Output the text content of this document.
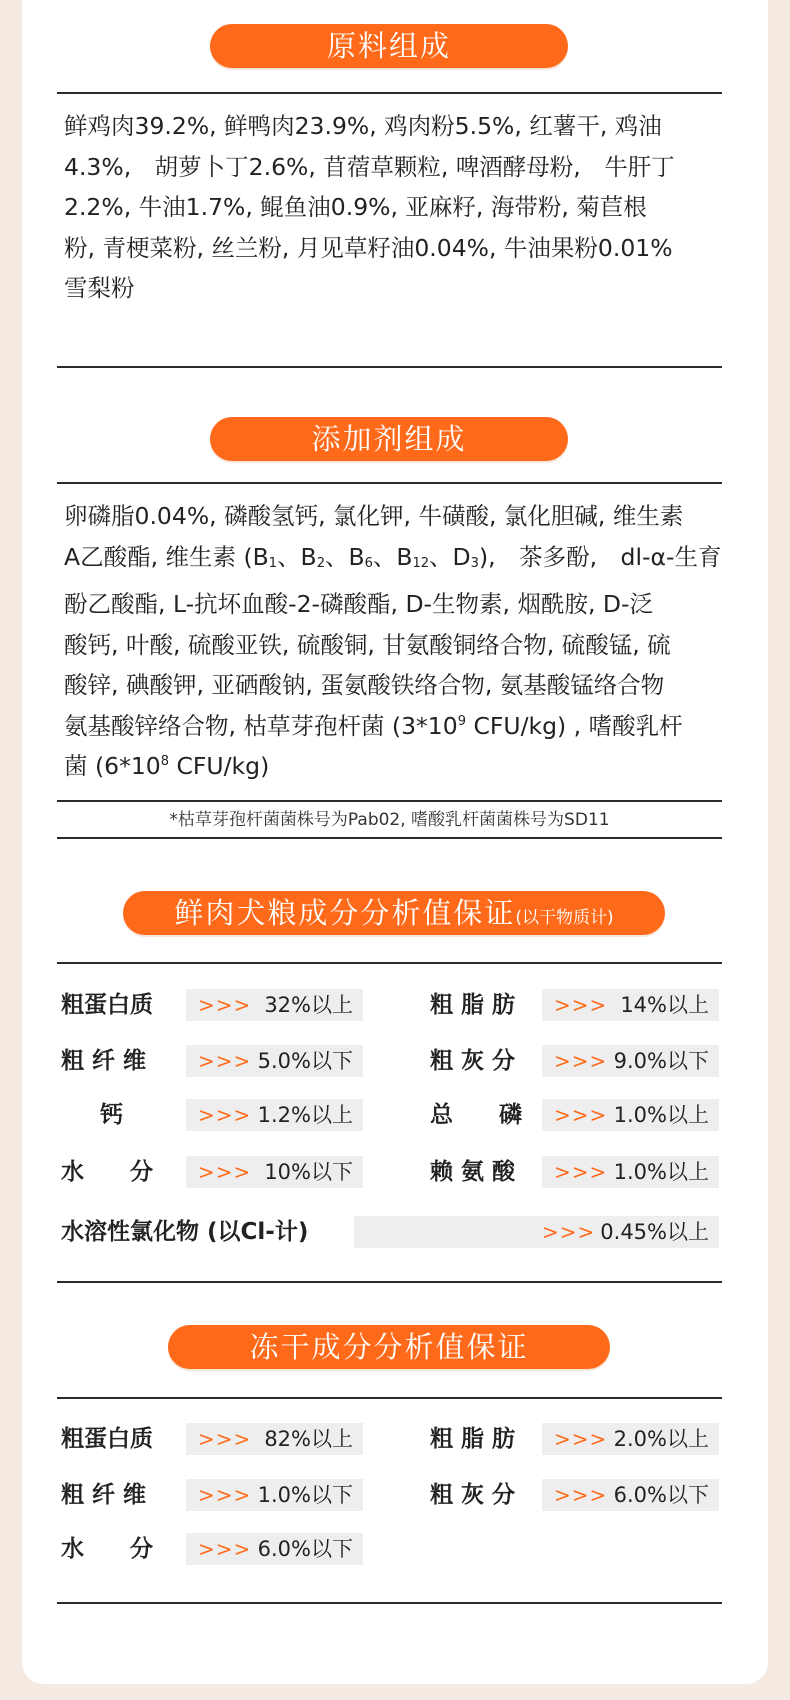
原料组成

鲜鸡肉39.2%, 鲜鸭肉23.9%, 鸡肉粉5.5%, 红薯干, 鸡油

4.3%,　胡萝卜丁2.6%, 苜蓿草颗粒, 啤酒酵母粉,　牛肝丁

2.2%, 牛油1.7%, 鲲鱼油0.9%, 亚麻籽, 海带粉, 菊苣根

粉, 青梗菜粉, 丝兰粉, 月见草籽油0.04%, 牛油果粉0.01%

雪梨粉

添加剂组成

卵磷脂0.04%, 磷酸氢钙, 氯化钾, 牛磺酸, 氯化胆碱, 维生素

A乙酸酯, 维生素 ($B_1$、$B_2$、$B_6$、$B_{12}$、$D_3$),　茶多酚,　dl-α-生育

酚乙酸酯, L-抗坏血酸-2-磷酸酯, D-生物素, 烟酰胺, D-泛

酸钙, 叶酸, 硫酸亚铁, 硫酸铜, 甘氨酸铜络合物, 硫酸锰, 硫

酸锌, 碘酸钾, 亚硒酸钠, 蛋氨酸铁络合物, 氨基酸锰络合物

氨基酸锌络合物, 枯草芽孢杆菌 ($3*10^9$ CFU/kg) , 嗜酸乳杆

菌 ($6*10^8$ CFU/kg)

*枯草芽孢杆菌菌株号为Pab02, 嗜酸乳杆菌菌株号为SD11
鲜肉犬粮成分分析值保证(以干物质计)
粗蛋白质 >>> 32%以上	粗 脂 肪 >>> 14%以上
粗 纤 维	>>> 5.0%以下	粗 灰 分 >>> 9.0%以下
钙	>>> 1.2%以上	总　　磷 >>> 1.0%以上
水　　分 >>> 10%以下	赖 氨 酸 >>> 1.0%以上
水溶性氯化物 (以Cl-计)	>>> 0.45%以上
冻干成分分析值保证
粗蛋白质 >>> 82%以上	粗 脂 肪 >>> 2.0%以上
粗 纤 维	>>> 1.0%以下	粗 灰 分 >>> 6.0%以下
水　　分 >>> 6.0%以下
